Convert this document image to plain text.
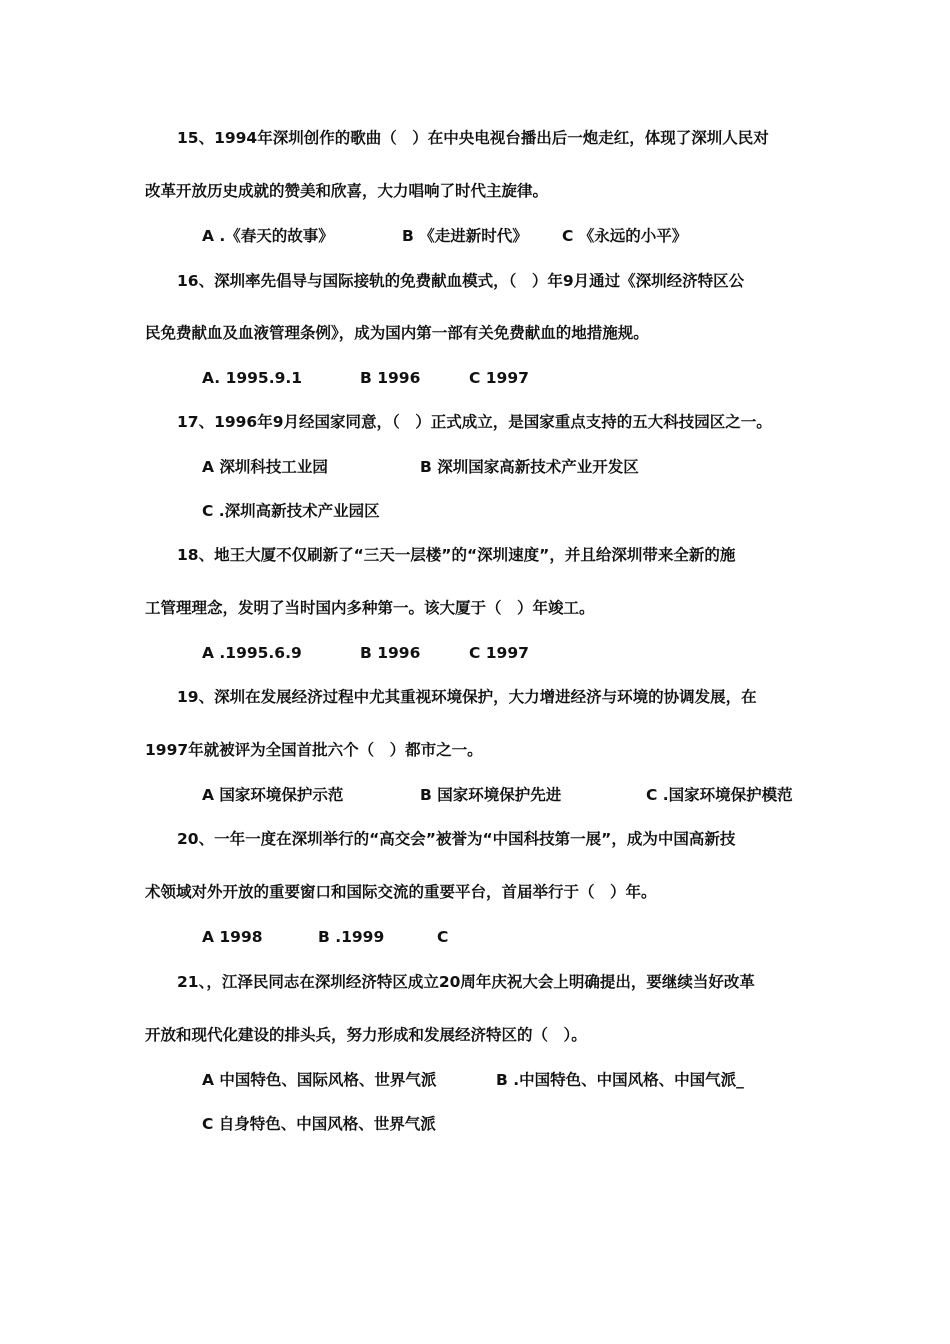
15、1994年深圳创作的歌曲（　）在中央电视台播出后一炮走红，体现了深圳人民对
改革开放历史成就的赞美和欣喜，大力唱响了时代主旋律。
A .《春天的故事》	B 《走进新时代》 C 《永远的小平》
16、深圳率先倡导与国际接轨的免费献血模式，（　）年9月通过《深圳经济特区公
民免费献血及血液管理条例》，成为国内第一部有关免费献血的地措施规。
A. 1995.9.1	B 1996	C 1997
17、1996年9月经国家同意，（　）正式成立，是国家重点支持的五大科技园区之一。
A 深圳科技工业园	B 深圳国家高新技术产业开发区
C .深圳高新技术产业园区
18、地王大厦不仅刷新了“三天一层楼”的“深圳速度”，并且给深圳带来全新的施
工管理理念，发明了当时国内多种第一。该大厦于（　）年竣工。
A .1995.6.9	B 1996	C 1997
19、深圳在发展经济过程中尤其重视环境保护，大力增进经济与环境的协调发展，在
1997年就被评为全国首批六个（　）都市之一。
A 国家环境保护示范	B 国家环境保护先进	C .国家环境保护模范
20、一年一度在深圳举行的“高交会”被誉为“中国科技第一展”，成为中国高新技
术领域对外开放的重要窗口和国际交流的重要平台，首届举行于（　）年。
A 1998	B .1999	C
21、，江泽民同志在深圳经济特区成立20周年庆祝大会上明确提出，要继续当好改革
开放和现代化建设的排头兵，努力形成和发展经济特区的（　）。
A 中国特色、国际风格、世界气派	B .中国特色、中国风格、中国气派_
C 自身特色、中国风格、世界气派
